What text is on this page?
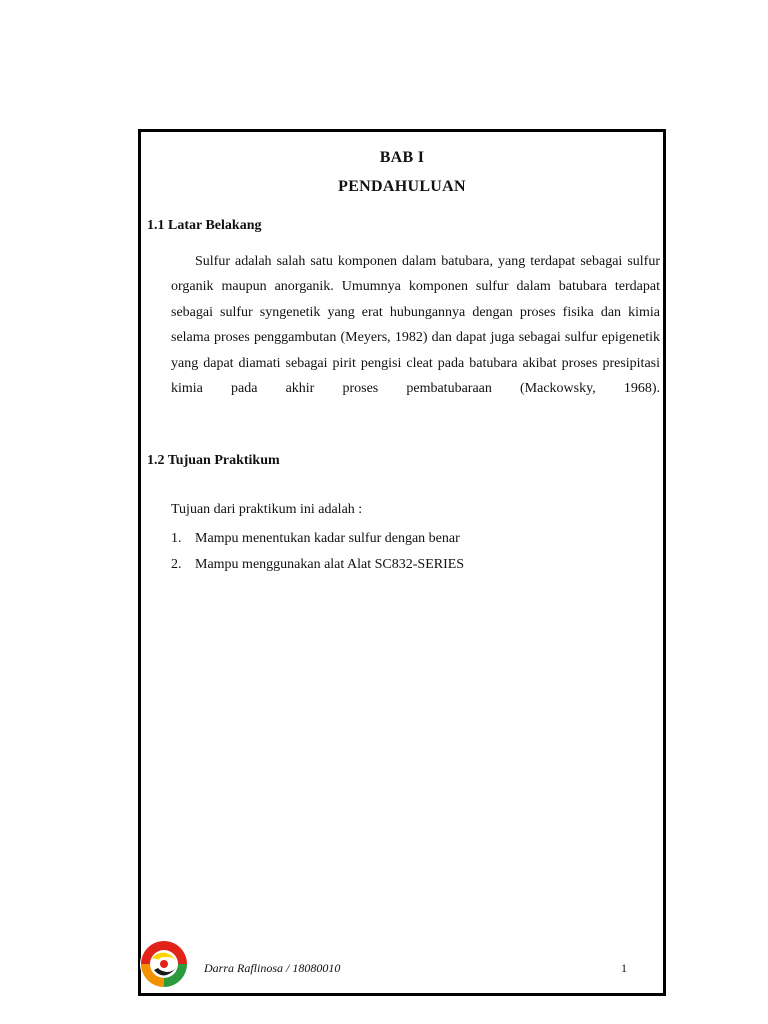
BAB I
PENDAHULUAN
1.1 Latar Belakang

Sulfur adalah salah satu komponen dalam batubara, yang terdapat sebagai sulfur organik maupun anorganik. Umumnya komponen sulfur dalam batubara terdapat sebagai sulfur syngenetik yang erat hubungannya dengan proses fisika dan kimia selama proses penggambutan (Meyers, 1982) dan dapat juga sebagai sulfur epigenetik yang dapat diamati sebagai pirit pengisi cleat pada batubara akibat proses presipitasi kimia pada akhir proses pembatubaraan (Mackowsky, 1968).

1.2 Tujuan Praktikum
Tujuan dari praktikum ini adalah :
1. Mampu menentukan kadar sulfur dengan benar
2. Mampu menggunakan alat Alat SC832-SERIES
Darra Raflinosa / 18080010	1
